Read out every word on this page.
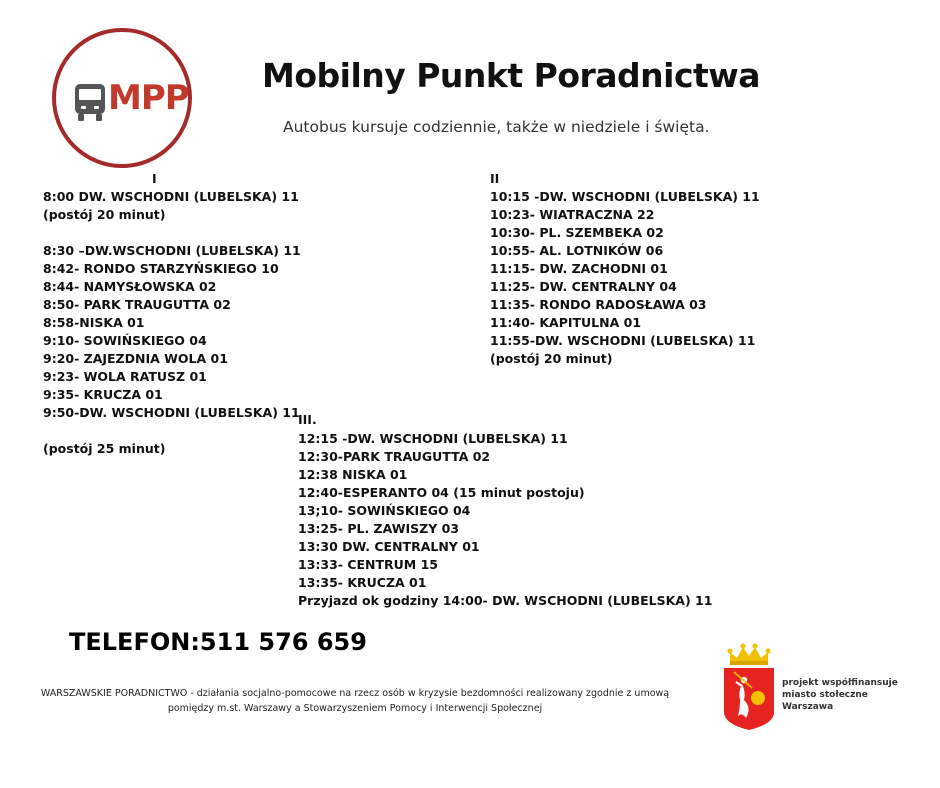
MPP
Mobilny Punkt Poradnictwa
Autobus kursuje codziennie, także w niedziele i święta.
I
8:00 DW. WSCHODNI (LUBELSKA) 11
(postój 20 minut)
8:30 –DW.WSCHODNI (LUBELSKA) 11
8:42- RONDO STARZYŃSKIEGO 10
8:44- NAMYSŁOWSKA 02
8:50- PARK TRAUGUTTA 02
8:58-NISKA 01
9:10- SOWIŃSKIEGO 04
9:20- ZAJEZDNIA WOLA 01
9:23- WOLA RATUSZ 01
9:35- KRUCZA 01
9:50-DW. WSCHODNI (LUBELSKA) 11
(postój 25 minut)
II
10:15 -DW. WSCHODNI (LUBELSKA) 11
10:23- WIATRACZNA 22
10:30- PL. SZEMBEKA 02
10:55- AL. LOTNIKÓW 06
11:15- DW. ZACHODNI 01
11:25- DW. CENTRALNY 04
11:35- RONDO RADOSŁAWA 03
11:40- KAPITULNA 01
11:55-DW. WSCHODNI (LUBELSKA) 11
(postój 20 minut)
III.
12:15 -DW. WSCHODNI (LUBELSKA) 11
12:30-PARK TRAUGUTTA 02
12:38 NISKA 01
12:40-ESPERANTO 04 (15 minut postoju)
13;10- SOWIŃSKIEGO 04
13:25- PL. ZAWISZY 03
13:30 DW. CENTRALNY 01
13:33- CENTRUM 15
13:35- KRUCZA 01
Przyjazd ok godziny 14:00- DW. WSCHODNI (LUBELSKA) 11
TELEFON:511 576 659
WARSZAWSKIE PORADNICTWO - działania socjalno-pomocowe na rzecz osób w kryzysie bezdomności realizowany zgodnie z umową
pomiędzy m.st. Warszawy a Stowarzyszeniem Pomocy i Interwencji Społecznej
projekt współfinansuje
miasto stołeczne
Warszawa
